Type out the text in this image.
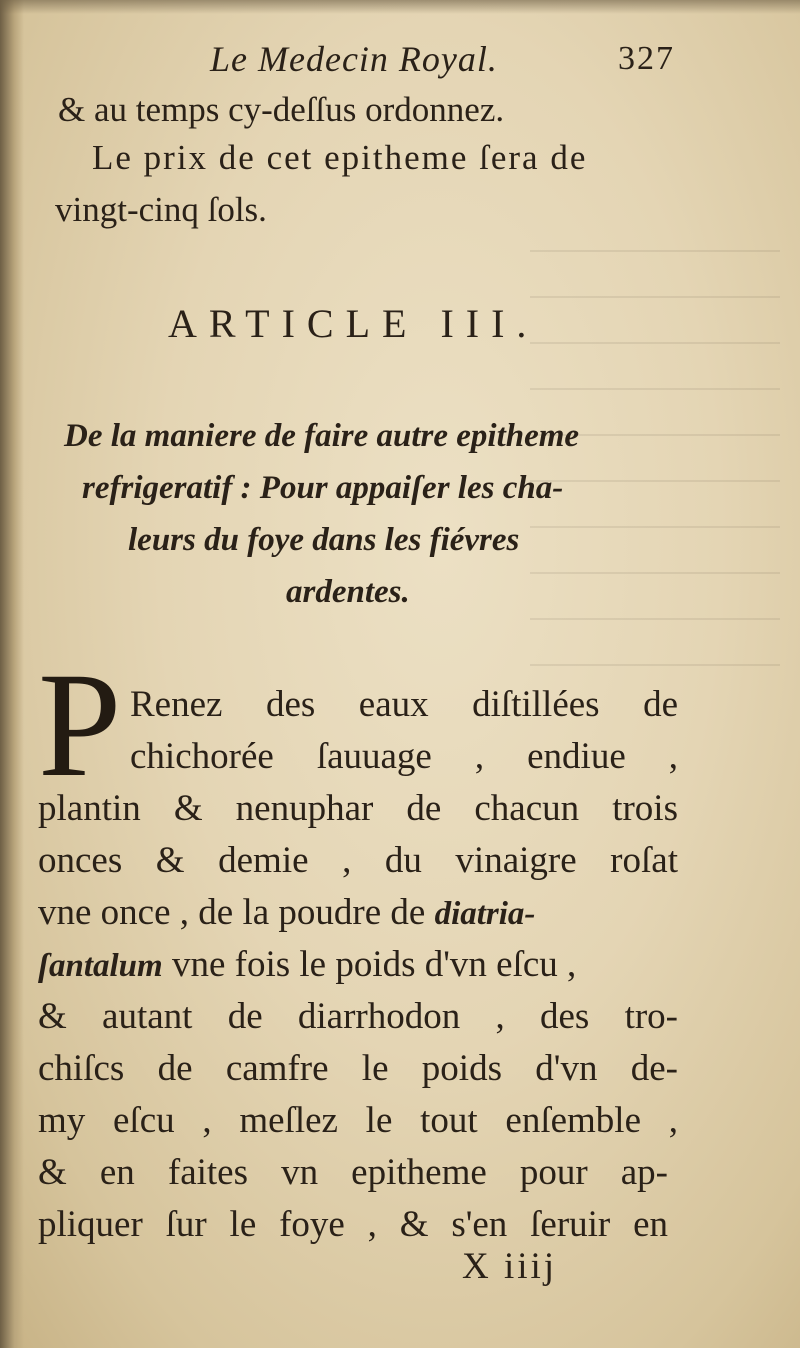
Le Medecin Royal.	327
& au temps cy-deſſus ordonnez.
Le prix de cet epitheme ſera de
vingt-cinq ſols.
ARTICLE III.
De la maniere de faire autre epitheme
refrigeratif : Pour appaiſer les cha-
leurs du foye dans les fiévres
ardentes.
P Renez des eaux diſtillées de
chichorée ſauuage , endiue ,
plantin & nenuphar de chacun trois
onces & demie , du vinaigre roſat
vne once , de la poudre de diatria-
ſantalum vne fois le poids d'vn eſcu ,
& autant de diarrhodon , des tro-
chiſcs de camfre le poids d'vn de-
my eſcu , meſlez le tout enſemble ,
& en faites vn epitheme pour ap-
pliquer ſur le foye , & s'en ſeruir en
X iiij
